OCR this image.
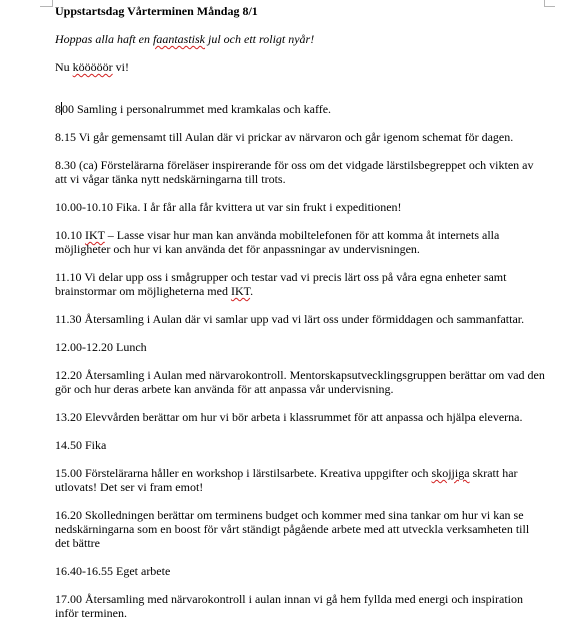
Uppstartsdag Vårterminen Måndag 8/1

Hoppas alla haft en faantastisk jul och ett roligt nyår!

Nu kööööör vi!

800 Samling i personalrummet med kramkalas och kaffe.

8.15 Vi går gemensamt till Aulan där vi prickar av närvaron och går igenom schemat för dagen.

8.30 (ca) Förstelärarna föreläser inspirerande för oss om det vidgade lärstilsbegreppet och vikten av att vi vågar tänka nytt nedskärningarna till trots.

10.00-10.10 Fika. I år får alla får kvittera ut var sin frukt i expeditionen!

10.10 IKT – Lasse visar hur man kan använda mobiltelefonen för att komma åt internets alla möjligheter och hur vi kan använda det för anpassningar av undervisningen.

11.10 Vi delar upp oss i smågrupper och testar vad vi precis lärt oss på våra egna enheter samt brainstormar om möjligheterna med IKT.

11.30 Återsamling i Aulan där vi samlar upp vad vi lärt oss under förmiddagen och sammanfattar.

12.00-12.20 Lunch

12.20 Återsamling i Aulan med närvarokontroll. Mentorskapsutvecklingsgruppen berättar om vad den gör och hur deras arbete kan använda för att anpassa vår undervisning.

13.20 Elevvården berättar om hur vi bör arbeta i klassrummet för att anpassa och hjälpa eleverna.

14.50 Fika

15.00 Förstelärarna håller en workshop i lärstilsarbete. Kreativa uppgifter och skojjiga skratt har utlovats! Det ser vi fram emot!

16.20 Skolledningen berättar om terminens budget och kommer med sina tankar om hur vi kan se nedskärningarna som en boost för vårt ständigt pågående arbete med att utveckla verksamheten till det bättre

16.40-16.55 Eget arbete

17.00 Återsamling med närvarokontroll i aulan innan vi gå hem fyllda med energi och inspiration inför terminen.
